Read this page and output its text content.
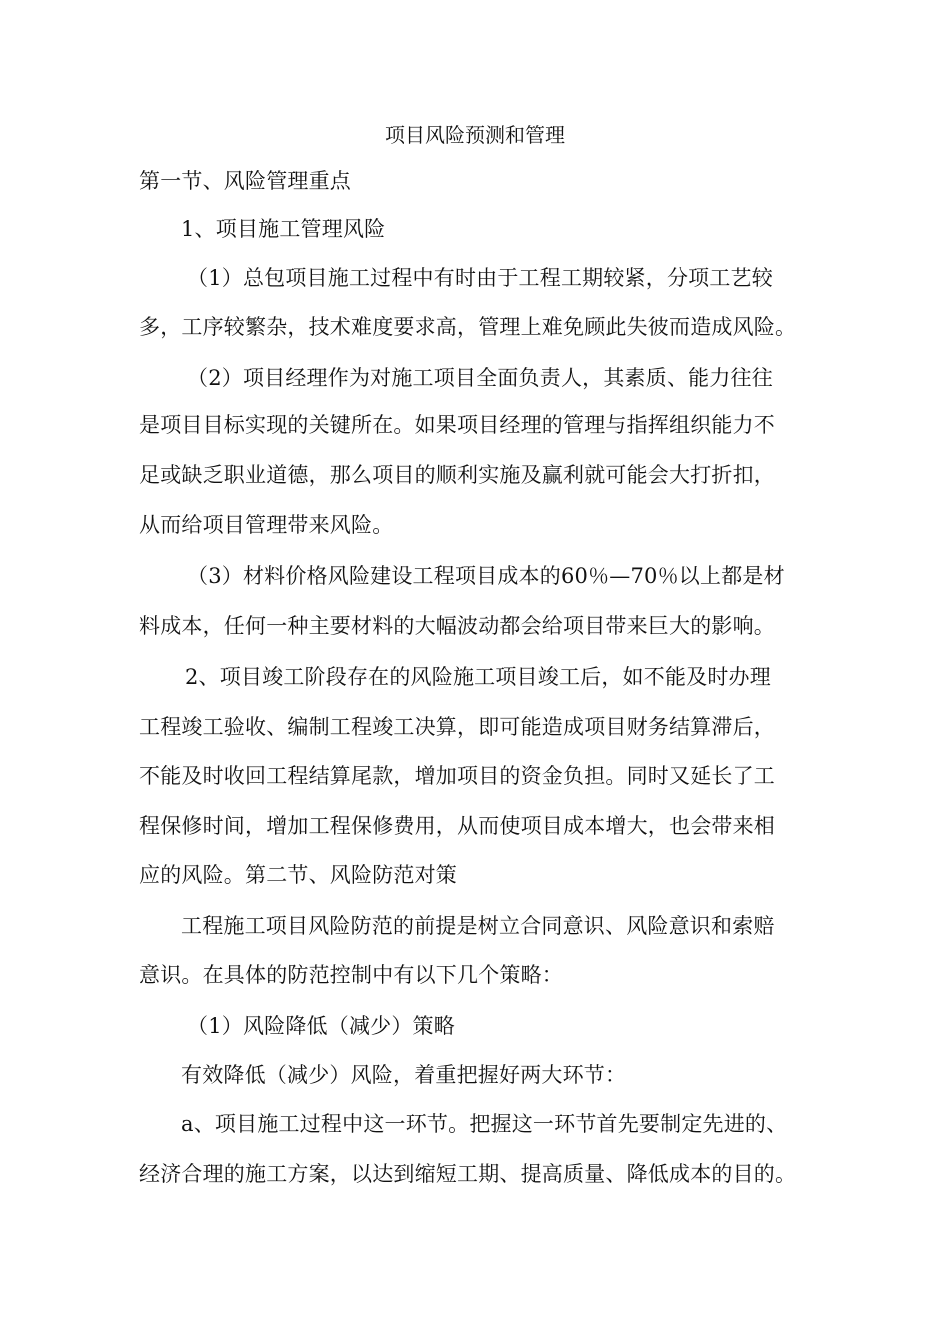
项目风险预测和管理
第一节、风险管理重点
1、项目施工管理风险
（1）总包项目施工过程中有时由于工程工期较紧，分项工艺较
多，工序较繁杂，技术难度要求高，管理上难免顾此失彼而造成风险。
（2）项目经理作为对施工项目全面负责人，其素质、能力往往
是项目目标实现的关键所在。如果项目经理的管理与指挥组织能力不
足或缺乏职业道德，那么项目的顺利实施及赢利就可能会大打折扣，
从而给项目管理带来风险。
（3）材料价格风险建设工程项目成本的60％—70％以上都是材
料成本，任何一种主要材料的大幅波动都会给项目带来巨大的影响。
2、项目竣工阶段存在的风险施工项目竣工后，如不能及时办理
工程竣工验收、编制工程竣工决算，即可能造成项目财务结算滞后，
不能及时收回工程结算尾款，增加项目的资金负担。同时又延长了工
程保修时间，增加工程保修费用，从而使项目成本增大，也会带来相
应的风险。第二节、风险防范对策
工程施工项目风险防范的前提是树立合同意识、风险意识和索赔
意识。在具体的防范控制中有以下几个策略：
（1）风险降低（减少）策略
有效降低（减少）风险，着重把握好两大环节：
a、项目施工过程中这一环节。把握这一环节首先要制定先进的、
经济合理的施工方案，以达到缩短工期、提高质量、降低成本的目的。
